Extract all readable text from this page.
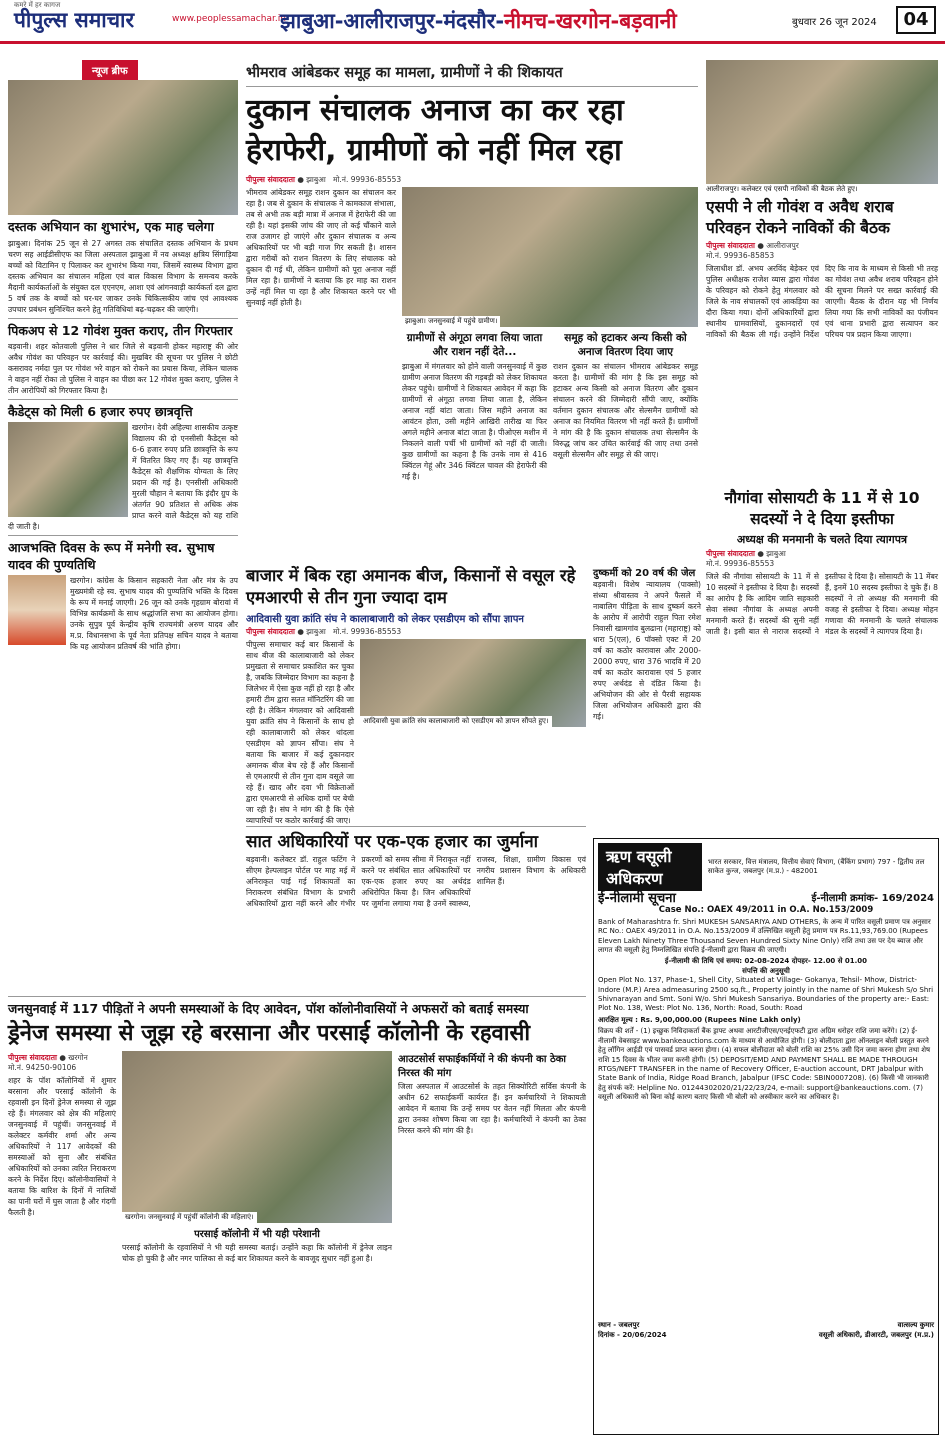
कमरे में हर कागज
पीपुल्स समाचार	www.peoplessamachar.in
झाबुआ-आलीराजपुर-मंदसौर-नीमच-खरगोन-बड़वानी	बुधवार 26 जून 2024	04
न्यूज ब्रीफ
दस्तक अभियान का शुभारंभ, एक माह चलेगा
झाबुआ। दिनांक 25 जून से 27 अगस्त तक संचालित दस्तक अभियान के प्रथम चरण सह आईडीसीएफ का जिला अस्पताल झाबुआ में नव अध्यक्ष क्षत्रिय सिंगाड़िया बच्चों को विटामिन ए पिलाकर कर शुभारंभ किया गया, जिसमें स्वास्थ्य विभाग द्वारा दस्तक अभियान का संचालन महिला एवं बाल विकास विभाग के समन्वय करके मैदानी कार्यकर्ताओं के संयुक्त दल एएनएम, आशा एवं आंगनवाड़ी कार्यकर्ता दल द्वारा 5 वर्ष तक के बच्चों को घर-घर जाकर उनके चिकित्सकीय जांच एवं आवश्यक उपचार प्रबंधन सुनिश्चित करने हेतु गतिविधियां बढ़-चढ़कर की जाएंगी।
पिकअप से 12 गोवंश मुक्त कराए, तीन गिरफ्तार
बड़वानी। शहर कोतवाली पुलिस ने धार जिले से बड़वानी होकर महाराष्ट्र की ओर अवैध गोवंश का परिवहन पर कार्रवाई की। मुखबिर की सूचना पर पुलिस ने छोटी कसरावद नर्मदा पुल पर गोवंश भरे वाहन को रोकने का प्रयास किया, लेकिन चालक ने वाहन नहीं रोका तो पुलिस ने वाहन का पीछा कर 12 गोवंश मुक्त कराए, पुलिस ने तीन आरोपियों को गिरफ्तार किया है।
कैडेट्स को मिली 6 हजार रुपए छात्रवृत्ति
खरगोन। देवी अहिल्या शासकीय उत्कृष्ट विद्यालय की दो एनसीसी कैडेट्स को 6-6 हजार रुपए प्रति छात्रवृत्ति के रूप में वितरित किए गए हैं। यह छात्रवृत्ति कैडेट्स को शैक्षणिक योग्यता के लिए प्रदान की गई है। एनसीसी अधिकारी मुरली चौहान ने बताया कि इंदौर ग्रुप के अंतर्गत 90 प्रतिशत से अधिक अंक प्राप्त करने वाले कैडेट्स को यह राशि दी जाती है।
आजभक्ति दिवस के रूप में मनेगी स्व. सुभाष यादव की पुण्यतिथि
खरगोन। कांग्रेस के किसान सहकारी नेता और मंत्र के उप मुख्यमंत्री रहे स्व. सुभाष यादव की पुण्यतिथि भक्ति के दिवस के रूप में मनाई जाएगी। 26 जून को उनके गृहग्राम बोरावां में विभिन्न कार्यक्रमों के साथ श्रद्धांजलि सभा का आयोजन होगा। उनके सुपुत्र पूर्व केन्द्रीय कृषि राज्यमंत्री अरुण यादव और म.प्र. विधानसभा के पूर्व नेता प्रतिपक्ष सचिन यादव ने बताया कि यह आयोजन प्रतिवर्ष की भांति होगा।
भीमराव आंबेडकर समूह का मामला, ग्रामीणों ने की शिकायत
दुकान संचालक अनाज का कर रहा हेराफेरी, ग्रामीणों को नहीं मिल रहा
पीपुल्स संवाददाता ● झाबुआ मो.नं. 99936-85553
भीमराव आंबेडकर समूह राशन दुकान का संचालन कर रहा है। जब से दुकान के संचालक ने कामकाज संभाला, तब से अभी तक बड़ी मात्रा में अनाज में हेराफेरी की जा रही है। यहां इसकी जांच की जाए तो कई चौंकाने वाले राज उजागर हो जाएंगे और दुकान संचालक व अन्य अधिकारियों पर भी बड़ी गाज गिर सकती है। शासन द्वारा गरीबों को राशन वितरण के लिए संचालक को दुकान दी गई थी, लेकिन ग्रामीणों को पूरा अनाज नहीं मिल रहा है। ग्रामीणों ने बताया कि हर माह का राशन उन्हें नहीं मिल पा रहा है और शिकायत करने पर भी सुनवाई नहीं होती है।
झाबुआ। जनसुनवाई में पहुंचे ग्रामीण।
ग्रामीणों से अंगूठा लगवा लिया जाता और राशन नहीं देते...
झाबुआ में मंगलवार को होने वाली जनसुनवाई में कुछ ग्रामीण अनाज वितरण की गड़बड़ी को लेकर शिकायत लेकर पहुंचे। ग्रामीणों ने शिकायत आवेदन में कहा कि ग्रामीणों से अंगूठा लगवा लिया जाता है, लेकिन अनाज नहीं बांटा जाता। जिस महीने अनाज का आवंटन होता, उसी महीने आखिरी तारीख या फिर अगले महीने अनाज बांटा जाता है। पीओएस मशीन में निकलने वाली पर्ची भी ग्रामीणों को नहीं दी जाती। कुछ ग्रामीणों का कहना है कि उनके नाम से 416 क्विंटल गेहूं और 346 क्विंटल चावल की हेराफेरी की गई है।
समूह को हटाकर अन्य किसी को अनाज वितरण दिया जाए
राशन दुकान का संचालन भीमराव आंबेडकर समूह करता है। ग्रामीणों की मांग है कि इस समूह को हटाकर अन्य किसी को अनाज वितरण और दुकान संचालन करने की जिम्मेदारी सौंपी जाए, क्योंकि वर्तमान दुकान संचालक और सेल्समैन ग्रामीणों को अनाज का नियमित वितरण भी नहीं करते हैं। ग्रामीणों ने मांग की है कि दुकान संचालक तथा सेल्समैन के विरुद्ध जांच कर उचित कार्रवाई की जाए तथा उनसे वसूली सेल्समैन और समूह से की जाए।
आलीराजपुर। कलेक्टर एवं एसपी नाविकों की बैठक लेते हुए।
एसपी ने ली गोवंश व अवैध शराब परिवहन रोकने नाविकों की बैठक
पीपुल्स संवाददाता ● आलीराजपुर
मो.नं. 99936-85853
जिलाधीश डॉ. अभय अरविंद बेड़ेकर एवं पुलिस अधीक्षक राजेश व्यास द्वारा गोवंश के परिवहन को रोकने हेतु मंगलवार को जिले के नाव संचालकों एवं आकड़िया का दौरा किया गया। दोनों अधिकारियों द्वारा स्थानीय ग्रामवासियों, दुकानदारों एवं नाविकों की बैठक ली गई। उन्होंने निर्देश दिए कि नाव के माध्यम से किसी भी तरह का गोवंश तथा अवैध शराब परिवहन होने की सूचना मिलने पर सख्त कार्रवाई की जाएगी। बैठक के दौरान यह भी निर्णय लिया गया कि सभी नाविकों का पंजीयन एवं थाना प्रभारी द्वारा सत्यापन कर परिचय पत्र प्रदान किया जाएगा।
नौगांवा सोसायटी के 11 में से 10 सदस्यों ने दे दिया इस्तीफा
अध्यक्ष की मनमानी के चलते दिया त्यागपत्र
पीपुल्स संवाददाता ● झाबुआ
मो.नं. 99936-85553
जिले की नौगांवा सोसायटी के 11 में से 10 सदस्यों ने इस्तीफा दे दिया है। सदस्यों का आरोप है कि आदिम जाति सहकारी सेवा संस्था नौगांवा के अध्यक्ष अपनी मनमानी करते हैं। सदस्यों की सुनी नहीं जाती है। इसी बात से नाराज सदस्यों ने इस्तीफा दे दिया है। सोसायटी के 11 मेंबर हैं, इनमें 10 सदस्य इस्तीफा दे चुके हैं। 8 सदस्यों ने तो अध्यक्ष की मनमानी की वजह से इस्तीफा दे दिया। अध्यक्ष मोहन गणावा की मनमानी के चलते संचालक मंडल के सदस्यों ने त्यागपत्र दिया है।
बाजार में बिक रहा अमानक बीज, किसानों से वसूल रहे एमआरपी से तीन गुना ज्यादा दाम
आदिवासी युवा क्रांति संघ ने कालाबाजारी को लेकर एसडीएम को सौंपा ज्ञापन
पीपुल्स संवाददाता ● झाबुआ मो.नं. 99936-85553
पीपुल्स समाचार कई बार किसानों के साथ बीज की कालाबाजारी को लेकर प्रमुखता से समाचार प्रकाशित कर चुका है, जबकि जिम्मेदार विभाग का कहना है जिलेभर में ऐसा कुछ नहीं हो रहा है और हमारी टीम द्वारा सतत मॉनिटरिंग की जा रही है। लेकिन मंगलवार को आदिवासी युवा क्रांति संघ ने किसानों के साथ हो रही कालाबाजारी को लेकर थांदला एसडीएम को ज्ञापन सौंपा। संघ ने बताया कि बाजार में कई दुकानदार अमानक बीज बेच रहे हैं और किसानों से एमआरपी से तीन गुना दाम वसूले जा रहे हैं। खाद और दवा भी विक्रेताओं द्वारा एमआरपी से अधिक दामों पर बेची जा रही है। संघ ने मांग की है कि ऐसे व्यापारियों पर कठोर कार्रवाई की जाए।
आदिवासी युवा क्रांति संघ कालाबाजारी को एसडीएम को ज्ञापन सौंपते हुए।
दुष्कर्मी को 20 वर्ष की जेल
बड़वानी। विशेष न्यायालय (पाक्सो) संध्या श्रीवास्तव ने अपने फैसले में नाबालिग पीड़िता के साथ दुष्कर्म करने के आरोप में आरोपी राहुल पिता रमेश निवासी खामगांव बुलढाना (महाराष्ट्र) को धारा 5(एल), 6 पॉक्सो एक्ट में 20 वर्ष का कठोर कारावास और 2000-2000 रुपए, धारा 376 भादवि में 20 वर्ष का कठोर कारावास एवं 5 हजार रुपए अर्थदंड से दंडित किया है। अभियोजन की ओर से पैरवी सहायक जिला अभियोजन अधिकारी द्वारा की गई।
सात अधिकारियों पर एक-एक हजार का जुर्माना
बड़वानी। कलेक्टर डॉ. राहुल फटिंग ने सीएम हेल्पलाइन पोर्टल पर माह मई में अनिराकृत पाई गई शिकायतों का निराकरण संबंधित विभाग के प्रभारी अधिकारियों द्वारा नहीं करने और गंभीर प्रकरणों को समय सीमा में निराकृत नहीं करने पर संबंधित सात अधिकारियों पर एक-एक हजार रुपए का अर्थदंड अधिरोपित किया है। जिन अधिकारियों पर जुर्माना लगाया गया है उनमें स्वास्थ्य, राजस्व, शिक्षा, ग्रामीण विकास एवं नगरीय प्रशासन विभाग के अधिकारी शामिल हैं।
जनसुनवाई में 117 पीड़ितों ने अपनी समस्याओं के दिए आवेदन, पॉश कॉलोनीवासियों ने अफसरों को बताई समस्या
ड्रेनेज समस्या से जूझ रहे बरसाना और परसाई कॉलोनी के रहवासी
पीपुल्स संवाददाता ● खरगोन
मो.नं. 94250-90106
शहर के पॉश कॉलोनियों में शुमार बरसाना और परसाई कॉलोनी के रहवासी इन दिनों ड्रेनेज समस्या से जूझ रहे हैं। मंगलवार को क्षेत्र की महिलाएं जनसुनवाई में पहुंचीं। जनसुनवाई में कलेक्टर कर्मवीर शर्मा और अन्य अधिकारियों ने 117 आवेदकों की समस्याओं को सुना और संबंधित अधिकारियों को उनका त्वरित निराकरण करने के निर्देश दिए। कॉलोनीवासियों ने बताया कि बारिश के दिनों में नालियों का पानी घरों में घुस जाता है और गंदगी फैलती है।	खरगोन। जनसुनवाई में पहुंचीं कॉलोनी की महिलाएं।
परसाई कॉलोनी में भी यही परेशानी
परसाई कॉलोनी के रहवासियों ने भी यही समस्या बताई। उन्होंने कहा कि कॉलोनी में ड्रेनेज लाइन चोक हो चुकी है और नगर पालिका से कई बार शिकायत करने के बावजूद सुधार नहीं हुआ है।
आउटसोर्स सफाईकर्मियों ने की कंपनी का ठेका निरस्त की मांग
जिला अस्पताल में आउटसोर्स के तहत सिक्योरिटी सर्विस कंपनी के अधीन 62 सफाईकर्मी कार्यरत हैं। इन कर्मचारियों ने शिकायती आवेदन में बताया कि उन्हें समय पर वेतन नहीं मिलता और कंपनी द्वारा उनका शोषण किया जा रहा है। कर्मचारियों ने कंपनी का ठेका निरस्त करने की मांग की है।
ऋण वसूली अधिकरण
भारत सरकार, वित्त मंत्रालय, वित्तीय सेवाएं विभाग, (बैंकिंग प्रभाग) 797 - द्वितीय तल साकेत कुन्ज, जबलपुर (म.प्र.) - 482001
ई-नीलामी सूचना	ई-नीलामी क्रमांक- 169/2024
Case No.: OAEX 49/2011 in O.A. No.153/2009
Bank of Maharashtra fr. Shri MUKESH SANSARIYA AND OTHERS, के अन्य में पारित वसूली प्रमाण पत्र अनुसार RC No.: OAEX 49/2011 in O.A. No.153/2009 में उल्लिखित वसूली हेतु प्रमाण पत्र Rs.11,93,769.00 (Rupees Eleven Lakh Ninety Three Thousand Seven Hundred Sixty Nine Only) राशि तथा उस पर देय ब्याज और लागत की वसूली हेतु निम्नलिखित संपत्ति ई-नीलामी द्वारा विक्रय की जाएगी।
ई-नीलामी की तिथि एवं समय: 02-08-2024 दोपहर- 12.00 से 01.00
संपत्ति की अनुसूची
Open Plot No. 137, Phase-1, Shell City, Situated at Village- Gokanya, Tehsil- Mhow, District- Indore (M.P.) Area admeasuring 2500 sq.ft., Property jointly in the name of Shri Mukesh S/o Shri Shivnarayan and Smt. Soni W/o. Shri Mukesh Sansariya. Boundaries of the property are:- East: Plot No. 138, West: Plot No. 136, North: Road, South: Road
आरक्षित मूल्य : Rs. 9,00,000.00 (Rupees Nine Lakh only)
विक्रय की शर्तें - (1) इच्छुक निविदाकर्ता बैंक ड्राफ्ट अथवा आरटीजीएस/एनईएफटी द्वारा अग्रिम धरोहर राशि जमा करेंगे। (2) ई-नीलामी वेबसाइट www.bankeauctions.com के माध्यम से आयोजित होगी। (3) बोलीदाता द्वारा ऑनलाइन बोली प्रस्तुत करने हेतु लॉगिन आईडी एवं पासवर्ड प्राप्त करना होगा। (4) सफल बोलीदाता को बोली राशि का 25% उसी दिन जमा करना होगा तथा शेष राशि 15 दिवस के भीतर जमा करनी होगी। (5) DEPOSIT/EMD AND PAYMENT SHALL BE MADE THROUGH RTGS/NEFT TRANSFER in the name of Recovery Officer, E-auction account, DRT Jabalpur with State Bank of India, Ridge Road Branch, Jabalpur (IFSC Code: SBIN0007208). (6) किसी भी जानकारी हेतु संपर्क करें: Helpline No. 01244302020/21/22/23/24, e-mail: support@bankeauctions.com. (7) वसूली अधिकारी को बिना कोई कारण बताए किसी भी बोली को अस्वीकार करने का अधिकार है।
स्थान - जबलपुर
दिनांक - 20/06/2024
वात्सल्य कुमार
वसूली अधिकारी, डीआरटी, जबलपुर (म.प्र.)
